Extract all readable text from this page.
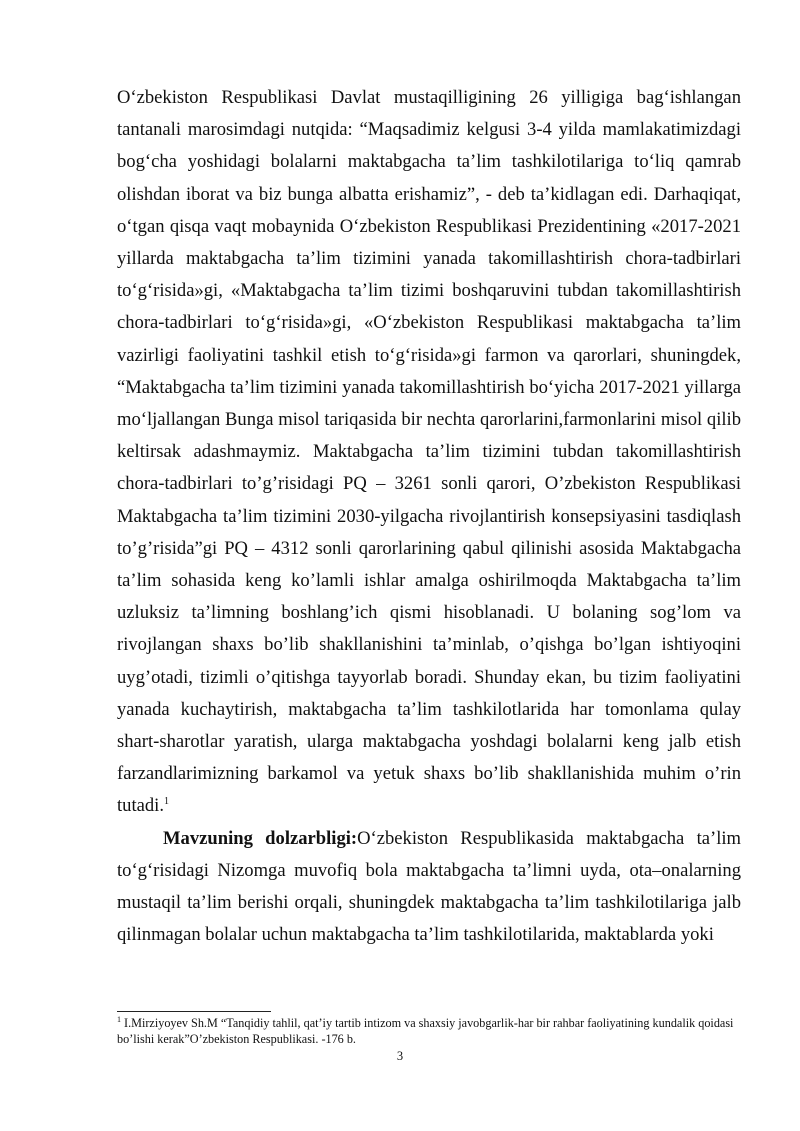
O‘zbekiston Respublikasi Davlat mustaqilligining 26 yilligiga bag‘ishlangan tantanali marosimdagi nutqida: “Maqsadimiz kelgusi 3-4 yilda mamlakatimizdagi bog‘cha yoshidagi bolalarni maktabgacha ta’lim tashkilotilariga to‘liq qamrab olishdan iborat va biz bunga albatta erishamiz”, - deb ta’kidlagan edi. Darhaqiqat, o‘tgan qisqa vaqt mobaynida O‘zbekiston Respublikasi Prezidentining «2017-2021 yillarda maktabgacha ta’lim tizimini yanada takomillashtirish chora-tadbirlari to‘g‘risida»gi, «Maktabgacha ta’lim tizimi boshqaruvini tubdan takomillashtirish chora-tadbirlari to‘g‘risida»gi, «O‘zbekiston Respublikasi maktabgacha ta’lim vazirligi faoliyatini tashkil etish to‘g‘risida»gi farmon va qarorlari, shuningdek, “Maktabgacha ta’lim tizimini yanada takomillashtirish bo‘yicha 2017-2021 yillarga mo‘ljallangan Bunga misol tariqasida bir nechta qarorlarini,farmonlarini misol qilib keltirsak adashmaymiz. Maktabgacha ta’lim tizimini tubdan takomillashtirish chora-tadbirlari to’g’risidagi PQ – 3261 sonli qarori, O’zbekiston Respublikasi Maktabgacha ta’lim tizimini 2030-yilgacha rivojlantirish konsepsiyasini tasdiqlash to’g’risida”gi PQ – 4312 sonli qarorlarining qabul qilinishi asosida Maktabgacha ta’lim sohasida keng ko’lamli ishlar amalga oshirilmoqda Maktabgacha ta’lim uzluksiz ta’limning boshlang’ich qismi hisoblanadi. U bolaning sog’lom va rivojlangan shaxs bo’lib shakllanishini ta’minlab, o’qishga bo’lgan ishtiyoqini uyg’otadi, tizimli o’qitishga tayyorlab boradi. Shunday ekan, bu tizim faoliyatini yanada kuchaytirish, maktabgacha ta’lim tashkilotlarida har tomonlama qulay shart-sharotlar yaratish, ularga maktabgacha yoshdagi bolalarni keng jalb etish farzandlarimizning barkamol va yetuk shaxs bo’lib shakllanishida muhim o’rin tutadi.$^1$

Mavzuning dolzarbligi:O‘zbekiston Respublikasida maktabgacha ta’lim to‘g‘risidagi Nizomga muvofiq bola maktabgacha ta’limni uyda, ota–onalarning mustaqil ta’lim berishi orqali, shuningdek maktabgacha ta’lim tashkilotilariga jalb qilinmagan bolalar uchun maktabgacha ta’lim tashkilotilarida, maktablarda yoki

$^1$ I.Mirziyoyev Sh.M “Tanqidiy tahlil, qat’iy tartib intizom va shaxsiy javobgarlik-har bir rahbar faoliyatining kundalik qoidasi bo’lishi kerak”O’zbekiston Respublikasi. -176 b.
3
